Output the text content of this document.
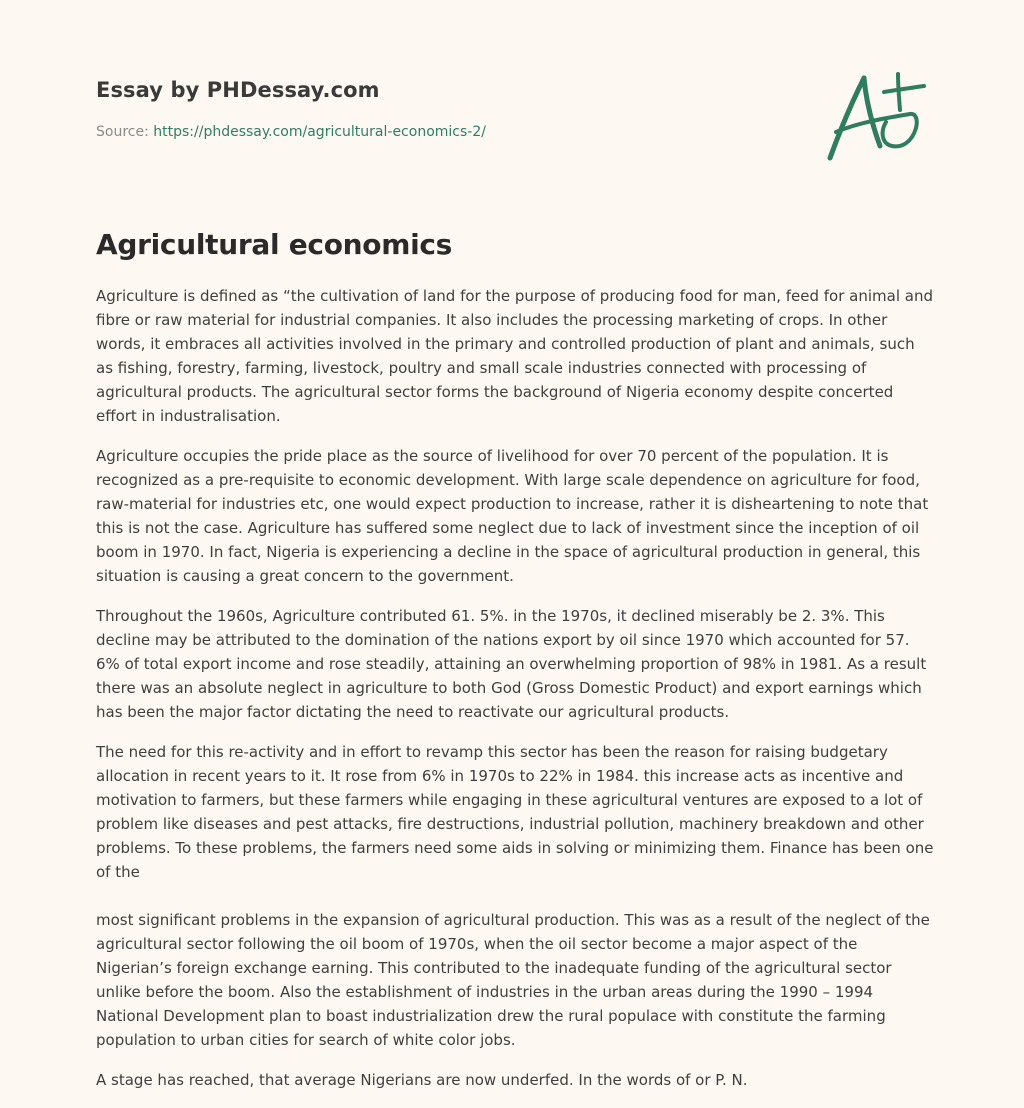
Essay by PHDessay.com
Source: https://phdessay.com/agricultural-economics-2/
Agricultural economics

Agriculture is defined as “the cultivation of land for the purpose of producing food for man, feed for animal and fibre or raw material for industrial companies. It also includes the processing marketing of crops. In other words, it embraces all activities involved in the primary and controlled production of plant and animals, such as fishing, forestry, farming, livestock, poultry and small scale industries connected with processing of agricultural products. The agricultural sector forms the background of Nigeria economy despite concerted effort in industralisation.

Agriculture occupies the pride place as the source of livelihood for over 70 percent of the population. It is recognized as a pre-requisite to economic development. With large scale dependence on agriculture for food, raw-material for industries etc, one would expect production to increase, rather it is disheartening to note that this is not the case. Agriculture has suffered some neglect due to lack of investment since the inception of oil boom in 1970. In fact, Nigeria is experiencing a decline in the space of agricultural production in general, this situation is causing a great concern to the government.

Throughout the 1960s, Agriculture contributed 61. 5%. in the 1970s, it declined miserably be 2. 3%. This decline may be attributed to the domination of the nations export by oil since 1970 which accounted for 57. 6% of total export income and rose steadily, attaining an overwhelming proportion of 98% in 1981. As a result there was an absolute neglect in agriculture to both God (Gross Domestic Product) and export earnings which has been the major factor dictating the need to reactivate our agricultural products.

The need for this re-activity and in effort to revamp this sector has been the reason for raising budgetary allocation in recent years to it. It rose from 6% in 1970s to 22% in 1984. this increase acts as incentive and motivation to farmers, but these farmers while engaging in these agricultural ventures are exposed to a lot of problem like diseases and pest attacks, fire destructions, industrial pollution, machinery breakdown and other problems. To these problems, the farmers need some aids in solving or minimizing them. Finance has been one of the

most significant problems in the expansion of agricultural production. This was as a result of the neglect of the agricultural sector following the oil boom of 1970s, when the oil sector become a major aspect of the Nigerian’s foreign exchange earning. This contributed to the inadequate funding of the agricultural sector unlike before the boom. Also the establishment of industries in the urban areas during the 1990 – 1994 National Development plan to boast industrialization drew the rural populace with constitute the farming population to urban cities for search of white color jobs.

A stage has reached, that average Nigerians are now underfed. In the words of or P. N.
